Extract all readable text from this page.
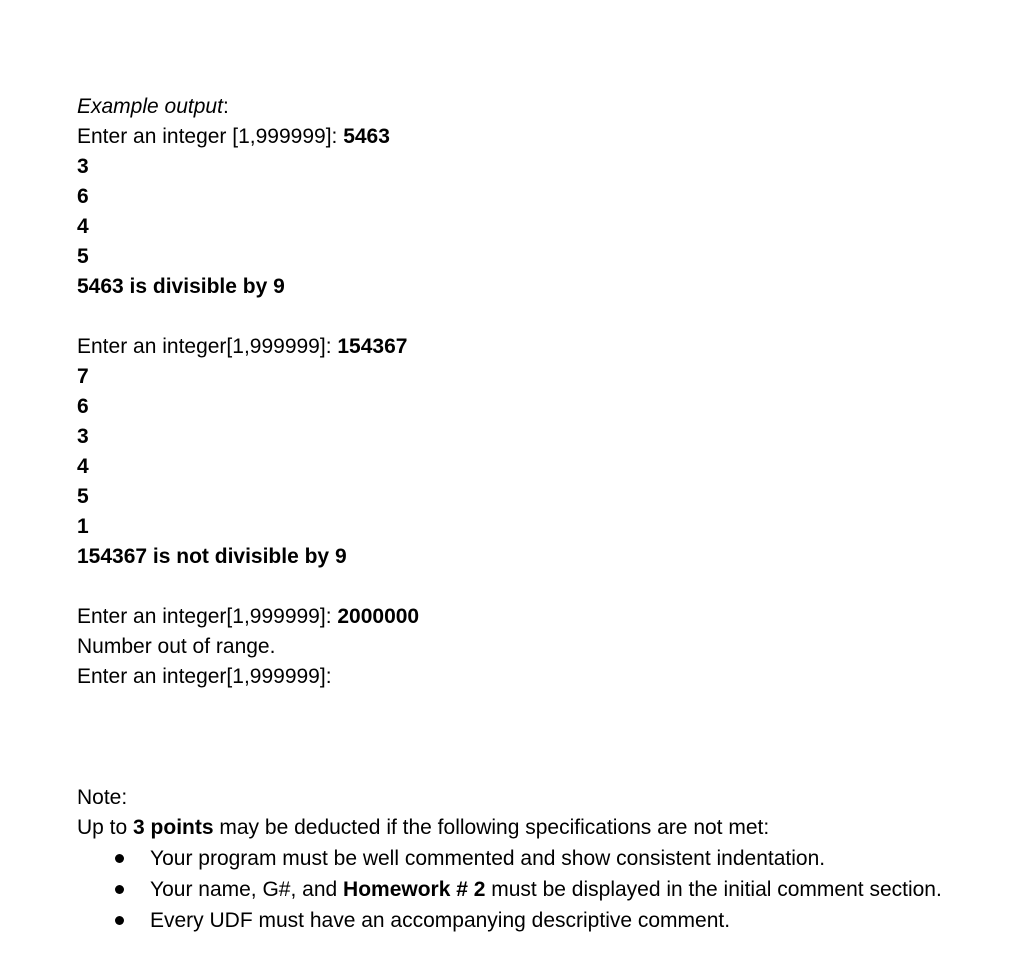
Example output:
Enter an integer [1,999999]: 5463
3
6
4
5
5463 is divisible by 9
Enter an integer[1,999999]: 154367
7
6
3
4
5
1
154367 is not divisible by 9
Enter an integer[1,999999]: 2000000
Number out of range.
Enter an integer[1,999999]:
Note:
Up to 3 points may be deducted if the following specifications are not met:
Your program must be well commented and show consistent indentation.
Your name, G#, and Homework # 2 must be displayed in the initial comment section.
Every UDF must have an accompanying descriptive comment.
